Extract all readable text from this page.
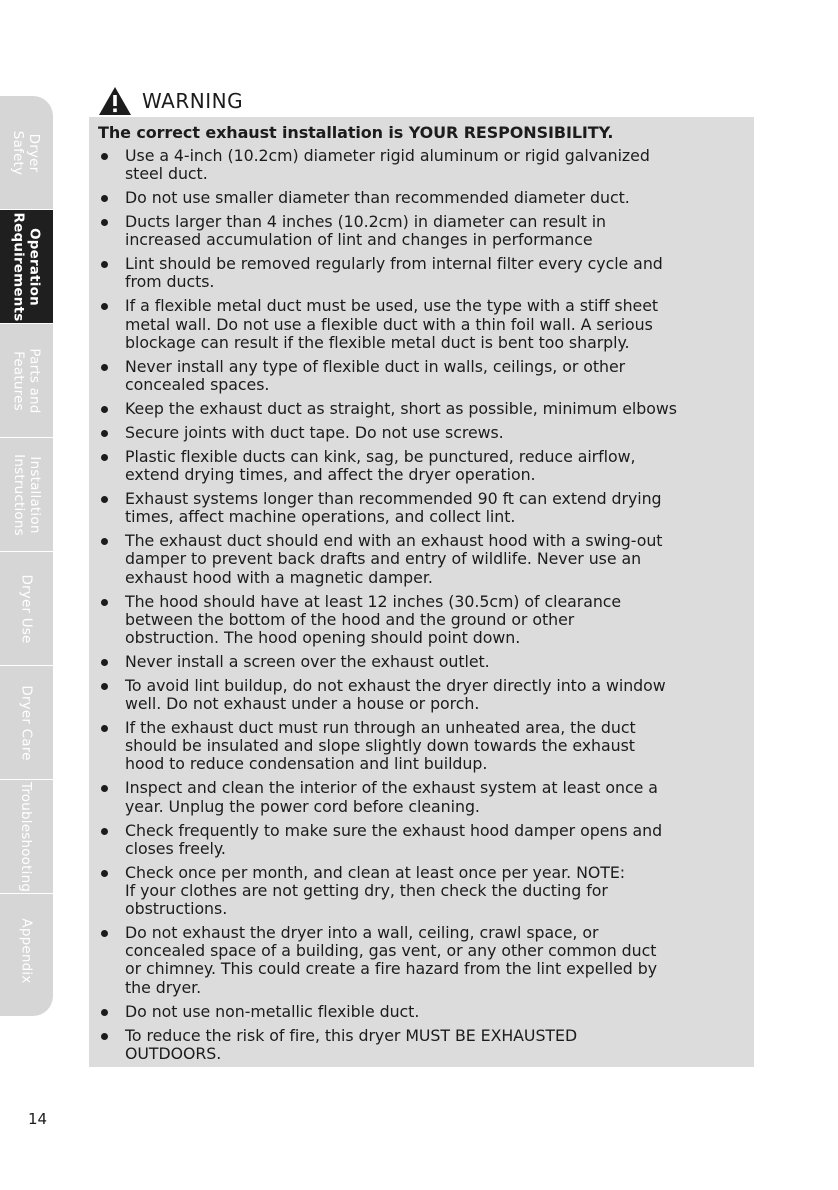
Dryer
Safety
Operation
Requirements
Parts and
Features
Installation
Instructions
Dryer Use
Dryer Care
Troubleshooting
Appendix
WARNING

The correct exhaust installation is YOUR RESPONSIBILITY.

Use a 4-inch (10.2cm) diameter rigid aluminum or rigid galvanized
steel duct.
Do not use smaller diameter than recommended diameter duct.
Ducts larger than 4 inches (10.2cm) in diameter can result in
increased accumulation of lint and changes in performance
Lint should be removed regularly from internal filter every cycle and
from ducts.
If a flexible metal duct must be used, use the type with a stiff sheet
metal wall. Do not use a flexible duct with a thin foil wall. A serious
blockage can result if the flexible metal duct is bent too sharply.
Never install any type of flexible duct in walls, ceilings, or other
concealed spaces.
Keep the exhaust duct as straight, short as possible, minimum elbows
Secure joints with duct tape. Do not use screws.
Plastic flexible ducts can kink, sag, be punctured, reduce airflow,
extend drying times, and affect the dryer operation.
Exhaust systems longer than recommended 90 ft can extend drying
times, affect machine operations, and collect lint.
The exhaust duct should end with an exhaust hood with a swing-out
damper to prevent back drafts and entry of wildlife. Never use an
exhaust hood with a magnetic damper.
The hood should have at least 12 inches (30.5cm) of clearance
between the bottom of the hood and the ground or other
obstruction. The hood opening should point down.
Never install a screen over the exhaust outlet.
To avoid lint buildup, do not exhaust the dryer directly into a window
well. Do not exhaust under a house or porch.
If the exhaust duct must run through an unheated area, the duct
should be insulated and slope slightly down towards the exhaust
hood to reduce condensation and lint buildup.
Inspect and clean the interior of the exhaust system at least once a
year. Unplug the power cord before cleaning.
Check frequently to make sure the exhaust hood damper opens and
closes freely.
Check once per month, and clean at least once per year. NOTE:
If your clothes are not getting dry, then check the ducting for
obstructions.
Do not exhaust the dryer into a wall, ceiling, crawl space, or
concealed space of a building, gas vent, or any other common duct
or chimney. This could create a fire hazard from the lint expelled by
the dryer.
Do not use non-metallic flexible duct.
To reduce the risk of fire, this dryer MUST BE EXHAUSTED
OUTDOORS.
14
